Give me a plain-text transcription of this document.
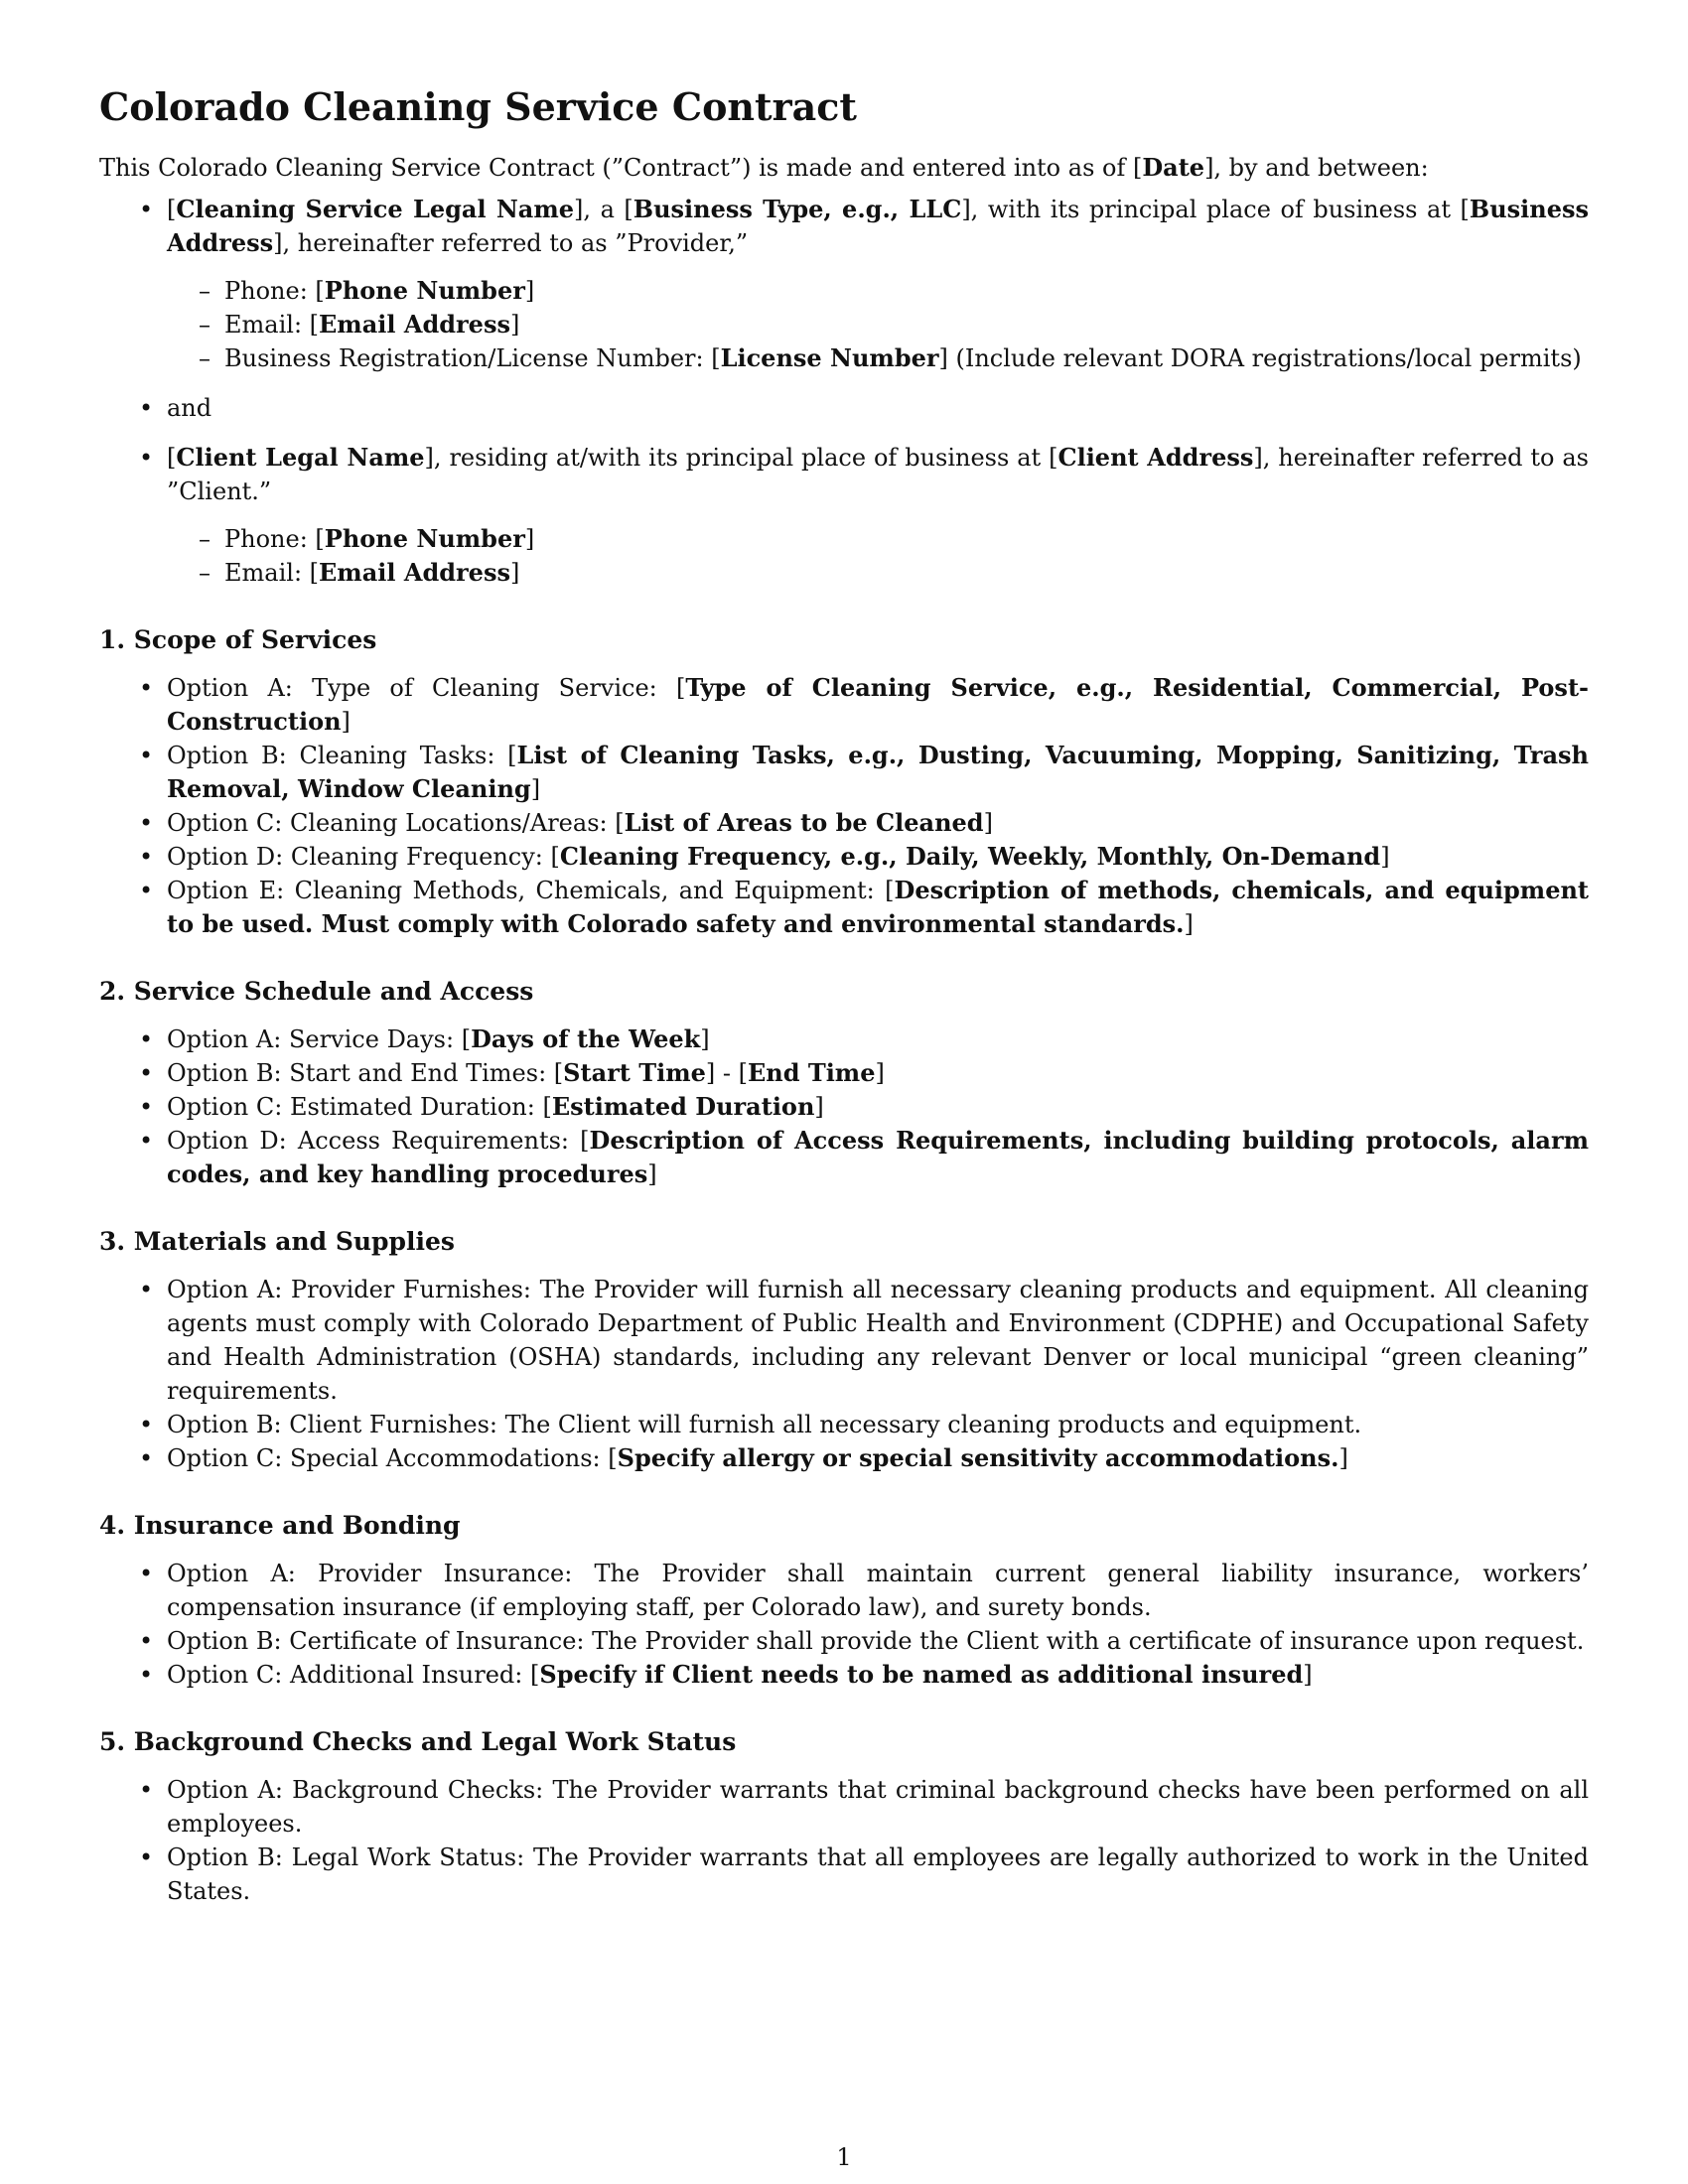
Colorado Cleaning Service Contract

This Colorado Cleaning Service Contract (”Contract”) is made and entered into as of [Date], by and between:

• [Cleaning Service Legal Name], a [Business Type, e.g., LLC], with its principal place of business at [Business Address], hereinafter referred to as ”Provider,”
– Phone: [Phone Number]
– Email: [Email Address]
– Business Registration/License Number: [License Number] (Include relevant DORA registrations/local permits)
• and
• [Client Legal Name], residing at/with its principal place of business at [Client Address], hereinafter referred to as ”Client.”
– Phone: [Phone Number]
– Email: [Email Address]
1. Scope of Services
• Option A: Type of Cleaning Service: [Type of Cleaning Service, e.g., Residential, Commercial, Post-Construction]
• Option B: Cleaning Tasks: [List of Cleaning Tasks, e.g., Dusting, Vacuuming, Mopping, Sanitizing, Trash Removal, Window Cleaning]
• Option C: Cleaning Locations/Areas: [List of Areas to be Cleaned]
• Option D: Cleaning Frequency: [Cleaning Frequency, e.g., Daily, Weekly, Monthly, On-Demand]
• Option E: Cleaning Methods, Chemicals, and Equipment: [Description of methods, chemicals, and equipment to be used. Must comply with Colorado safety and environmental standards.]
2. Service Schedule and Access
• Option A: Service Days: [Days of the Week]
• Option B: Start and End Times: [Start Time] - [End Time]
• Option C: Estimated Duration: [Estimated Duration]
• Option D: Access Requirements: [Description of Access Requirements, including building protocols, alarm codes, and key handling procedures]
3. Materials and Supplies
• Option A: Provider Furnishes: The Provider will furnish all necessary cleaning products and equipment. All cleaning agents must comply with Colorado Department of Public Health and Environment (CDPHE) and Occupational Safety and Health Administration (OSHA) standards, including any relevant Denver or local municipal “green cleaning” requirements.
• Option B: Client Furnishes: The Client will furnish all necessary cleaning products and equipment.
• Option C: Special Accommodations: [Specify allergy or special sensitivity accommodations.]
4. Insurance and Bonding
• Option A: Provider Insurance: The Provider shall maintain current general liability insurance, workers’ compensation insurance (if employing staff, per Colorado law), and surety bonds.
• Option B: Certificate of Insurance: The Provider shall provide the Client with a certificate of insurance upon request.
• Option C: Additional Insured: [Specify if Client needs to be named as additional insured]
5. Background Checks and Legal Work Status
• Option A: Background Checks: The Provider warrants that criminal background checks have been performed on all employees.
• Option B: Legal Work Status: The Provider warrants that all employees are legally authorized to work in the United States.
1
